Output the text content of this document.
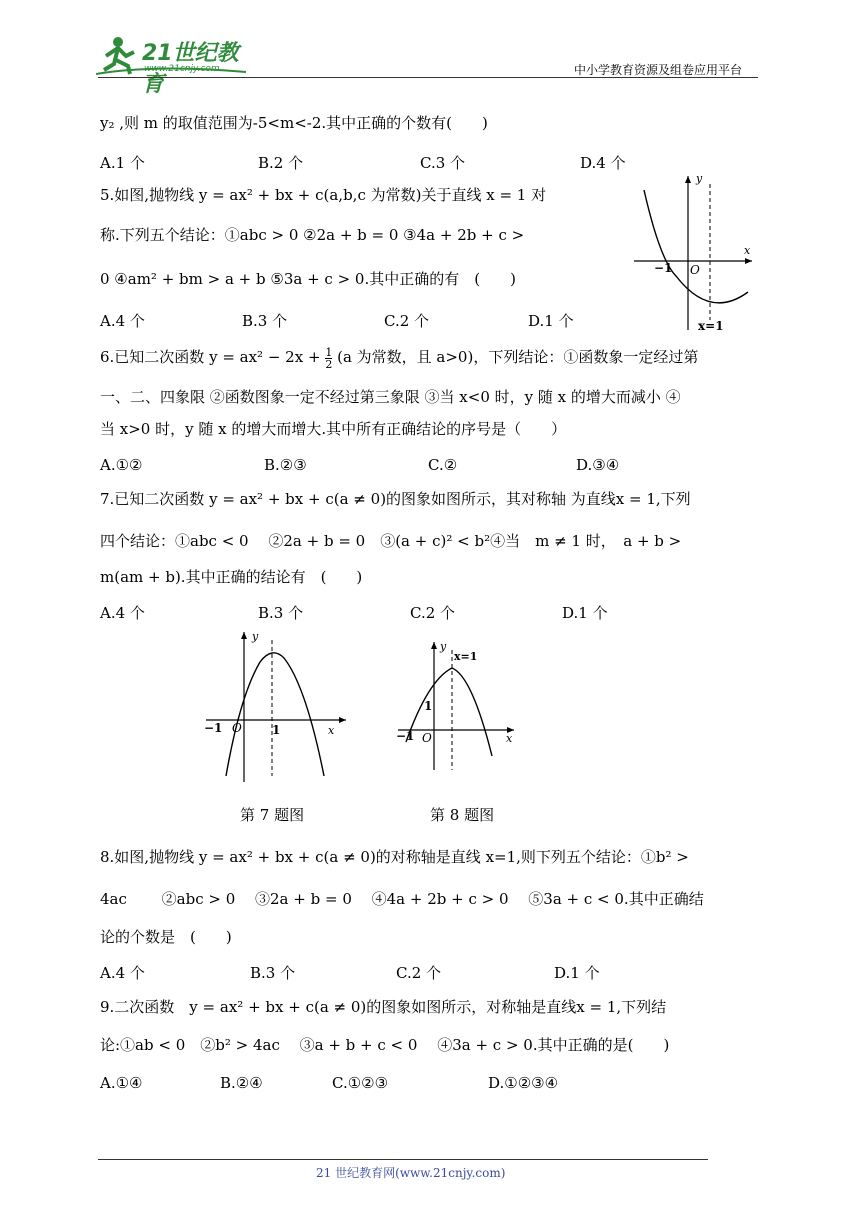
21世纪教育
www.21cnjy.com	中小学教育资源及组卷应用平台
y₂ ,则 m 的取值范围为-5<m<-2.其中正确的个数有(　　)
A.1 个	B.2 个	C.3 个	D.4 个
5.如图,抛物线 y = ax² + bx + c(a,b,c 为常数)关于直线 x = 1 对
称.下列五个结论：①abc > 0 ②2a + b = 0 ③4a + 2b + c >
0 ④am² + bm > a + b ⑤3a + c > 0.其中正确的有　(　　)
A.4 个	B.3 个	C.2 个	D.1 个
y
x
O
−1
x=1
6.已知二次函数 $y = ax^2 - 2x + \frac{1}{2} (a$ 为常数，且 a>0)，下列结论：①函数象一定经过第
一、二、四象限 ②函数图象一定不经过第三象限 ③当 x<0 时，y 随 x 的增大而减小 ④
当 x>0 时，y 随 x 的增大而增大.其中所有正确结论的序号是（　　）
A.①②	B.②③	C.②	D.③④
7.已知二次函数 y = ax² + bx + c(a ≠ 0)的图象如图所示，其对称轴 为直线x = 1,下列
四个结论：①abc < 0　 ②2a + b = 0　③(a + c)² < b²④当　m ≠ 1 时，　a + b >
m(am + b).其中正确的结论有　(　　)
A.4 个	B.3 个	C.2 个	D.1 个
y
x
O
−1	1
y
x
O
−1
1
x=1
第 7 题图	第 8 题图
8.如图,抛物线 y = ax² + bx + c(a ≠ 0)的对称轴是直线 x=1,则下列五个结论：①b² >
4ac　　 ②abc > 0　 ③2a + b = 0　 ④4a + 2b + c > 0　 ⑤3a + c < 0.其中正确结
论的个数是　(　　)
A.4 个	B.3 个	C.2 个	D.1 个
9.二次函数　y = ax² + bx + c(a ≠ 0)的图象如图所示，对称轴是直线x = 1,下列结
论:①ab < 0　②b² > 4ac　 ③a + b + c < 0　 ④3a + c > 0.其中正确的是(　　)
A.①④	B.②④	C.①②③	D.①②③④
21 世纪教育网(www.21cnjy.com)
